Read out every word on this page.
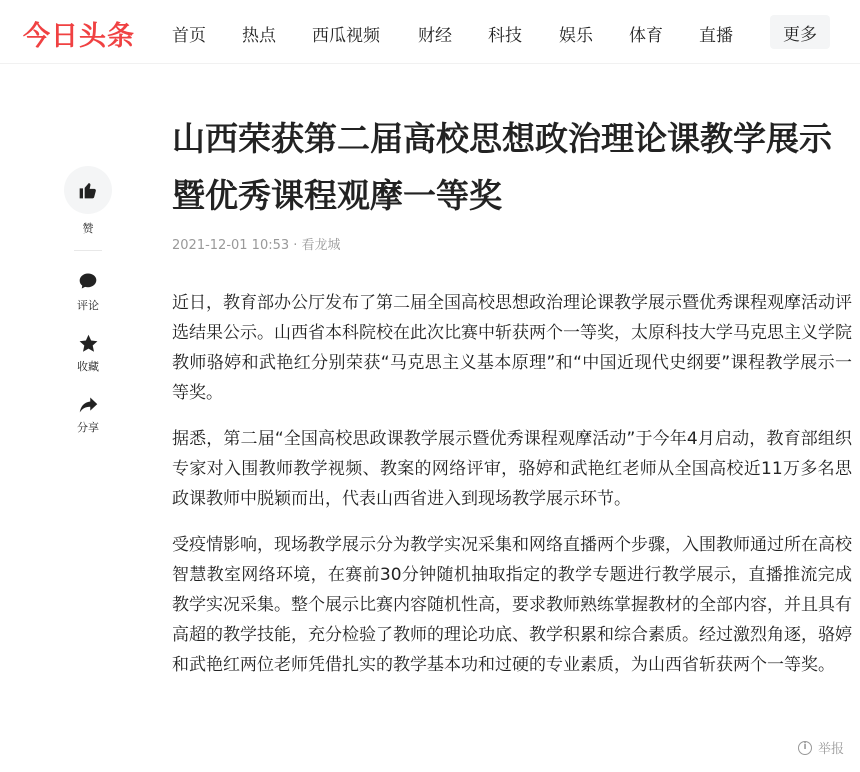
今日头条 首页 热点 西瓜视频 财经 科技 娱乐 体育 直播	更多
赞
评论
收藏
分享
山西荣获第二届高校思想政治理论课教学展示暨优秀课程观摩一等奖
2021-12-01 10:53 · 看龙城

近日，教育部办公厅发布了第二届全国高校思想政治理论课教学展示暨优秀课程观摩活动评选结果公示。山西省本科院校在此次比赛中斩获两个一等奖，太原科技大学马克思主义学院教师骆婷和武艳红分别荣获“马克思主义基本原理”和“中国近现代史纲要”课程教学展示一等奖。

据悉，第二届“全国高校思政课教学展示暨优秀课程观摩活动”于今年4月启动，教育部组织专家对入围教师教学视频、教案的网络评审，骆婷和武艳红老师从全国高校近11万多名思政课教师中脱颖而出，代表山西省进入到现场教学展示环节。

受疫情影响，现场教学展示分为教学实况采集和网络直播两个步骤，入围教师通过所在高校智慧教室网络环境，在赛前30分钟随机抽取指定的教学专题进行教学展示，直播推流完成教学实况采集。整个展示比赛内容随机性高，要求教师熟练掌握教材的全部内容，并且具有高超的教学技能，充分检验了教师的理论功底、教学积累和综合素质。经过激烈角逐，骆婷和武艳红两位老师凭借扎实的教学基本功和过硬的专业素质，为山西省斩获两个一等奖。

i 举报
